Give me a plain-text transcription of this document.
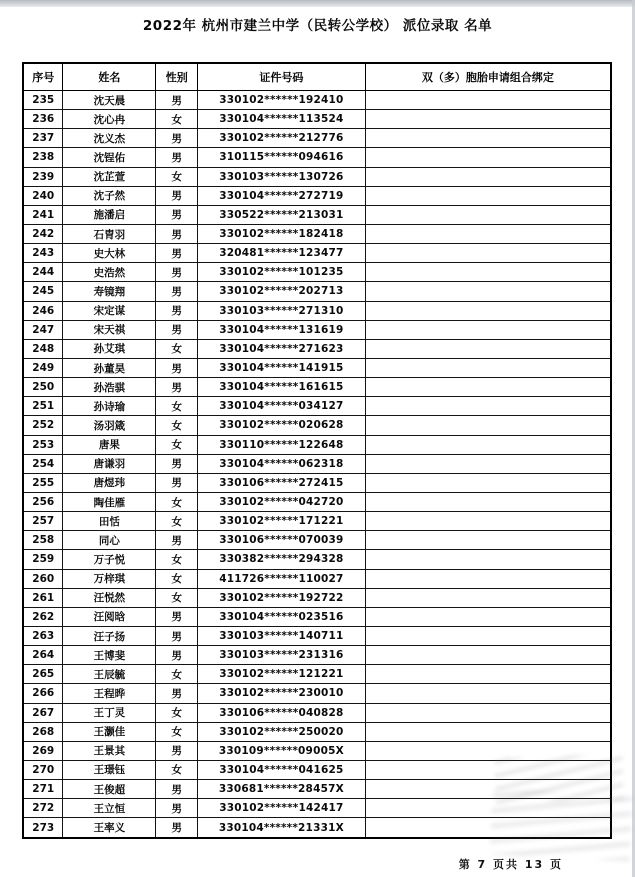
2022年 杭州市建兰中学（民转公学校） 派位录取 名单
序号	姓名	性别	证件号码	双（多）胞胎申请组合绑定
235	沈天晨	男	330102******192410	
236	沈心冉	女	330104******113524	
237	沈义杰	男	330102******212776	
238	沈锃佑	男	310115******094616	
239	沈芷萱	女	330103******130726	
240	沈子然	男	330104******272719	
241	施潘启	男	330522******213031	
242	石胄羽	男	330102******182418	
243	史大林	男	320481******123477	
244	史浩然	男	330102******101235	
245	寿镜翔	男	330102******202713	
246	宋定谋	男	330103******271310	
247	宋天祺	男	330104******131619	
248	孙艾琪	女	330104******271623	
249	孙董昊	男	330104******141915	
250	孙浩骐	男	330104******161615	
251	孙诗瑜	女	330104******034127	
252	汤羽箴	女	330102******020628	
253	唐果	女	330110******122648	
254	唐谦羽	男	330104******062318	
255	唐煜玮	男	330106******272415	
256	陶佳雁	女	330102******042720	
257	田恬	女	330102******171221	
258	同心	男	330106******070039	
259	万子悦	女	330382******294328	
260	万梓琪	女	411726******110027	
261	汪悦然	女	330102******192722	
262	汪阅晗	男	330104******023516	
263	汪子扬	男	330103******140711	
264	王博斐	男	330103******231316	
265	王辰毓	女	330102******121221	
266	王程晔	男	330102******230010	
267	王丁灵	女	330106******040828	
268	王灏佳	女	330102******250020	
269	王景其	男	330109******09005X	
270	王璟钰	女	330104******041625	
271	王俊超	男	330681******28457X	
272	王立恒	男	330102******142417	
273	王率义	男	330104******21331X	
第 7 页共 13 页
